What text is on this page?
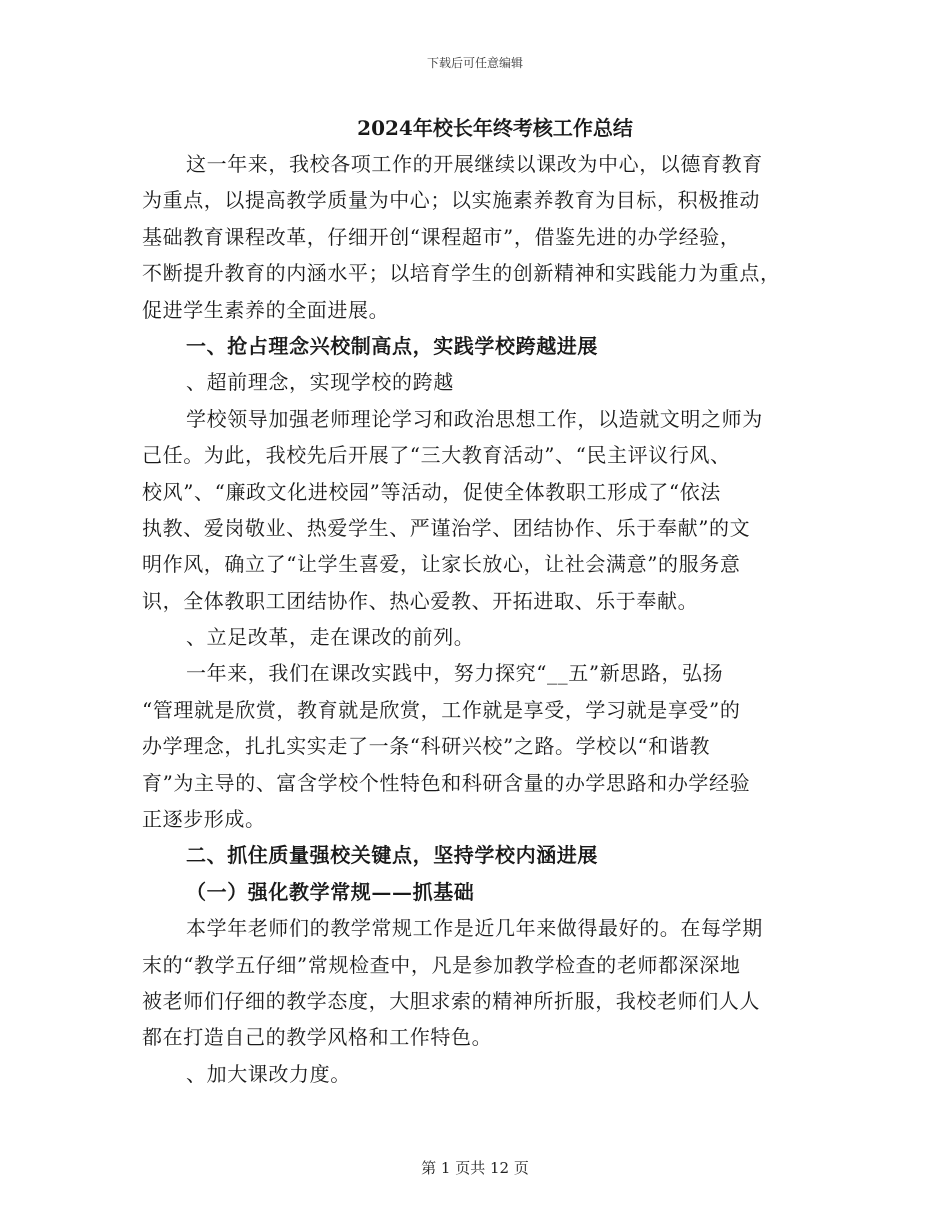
下载后可任意编辑
2024年校长年终考核工作总结
这一年来，我校各项工作的开展继续以课改为中心，以德育教育
为重点，以提高教学质量为中心；以实施素养教育为目标，积极推动
基础教育课程改革，仔细开创“课程超市”，借鉴先进的办学经验，
不断提升教育的内涵水平；以培育学生的创新精神和实践能力为重点，
促进学生素养的全面进展。
一、抢占理念兴校制高点，实践学校跨越进展
、超前理念，实现学校的跨越
学校领导加强老师理论学习和政治思想工作，以造就文明之师为
己任。为此，我校先后开展了“三大教育活动”、“民主评议行风、
校风”、“廉政文化进校园”等活动，促使全体教职工形成了“依法
执教、爱岗敬业、热爱学生、严谨治学、团结协作、乐于奉献”的文
明作风，确立了“让学生喜爱，让家长放心，让社会满意”的服务意
识，全体教职工团结协作、热心爱教、开拓进取、乐于奉献。
、立足改革，走在课改的前列。
一年来，我们在课改实践中，努力探究“__五”新思路，弘扬
“管理就是欣赏，教育就是欣赏，工作就是享受，学习就是享受”的
办学理念，扎扎实实走了一条“科研兴校”之路。学校以“和谐教
育”为主导的、富含学校个性特色和科研含量的办学思路和办学经验
正逐步形成。
二、抓住质量强校关键点，坚持学校内涵进展
（一）强化教学常规——抓基础
本学年老师们的教学常规工作是近几年来做得最好的。在每学期
末的“教学五仔细”常规检查中，凡是参加教学检查的老师都深深地
被老师们仔细的教学态度，大胆求索的精神所折服，我校老师们人人
都在打造自己的教学风格和工作特色。
、加大课改力度。
第 1 页共 12 页
